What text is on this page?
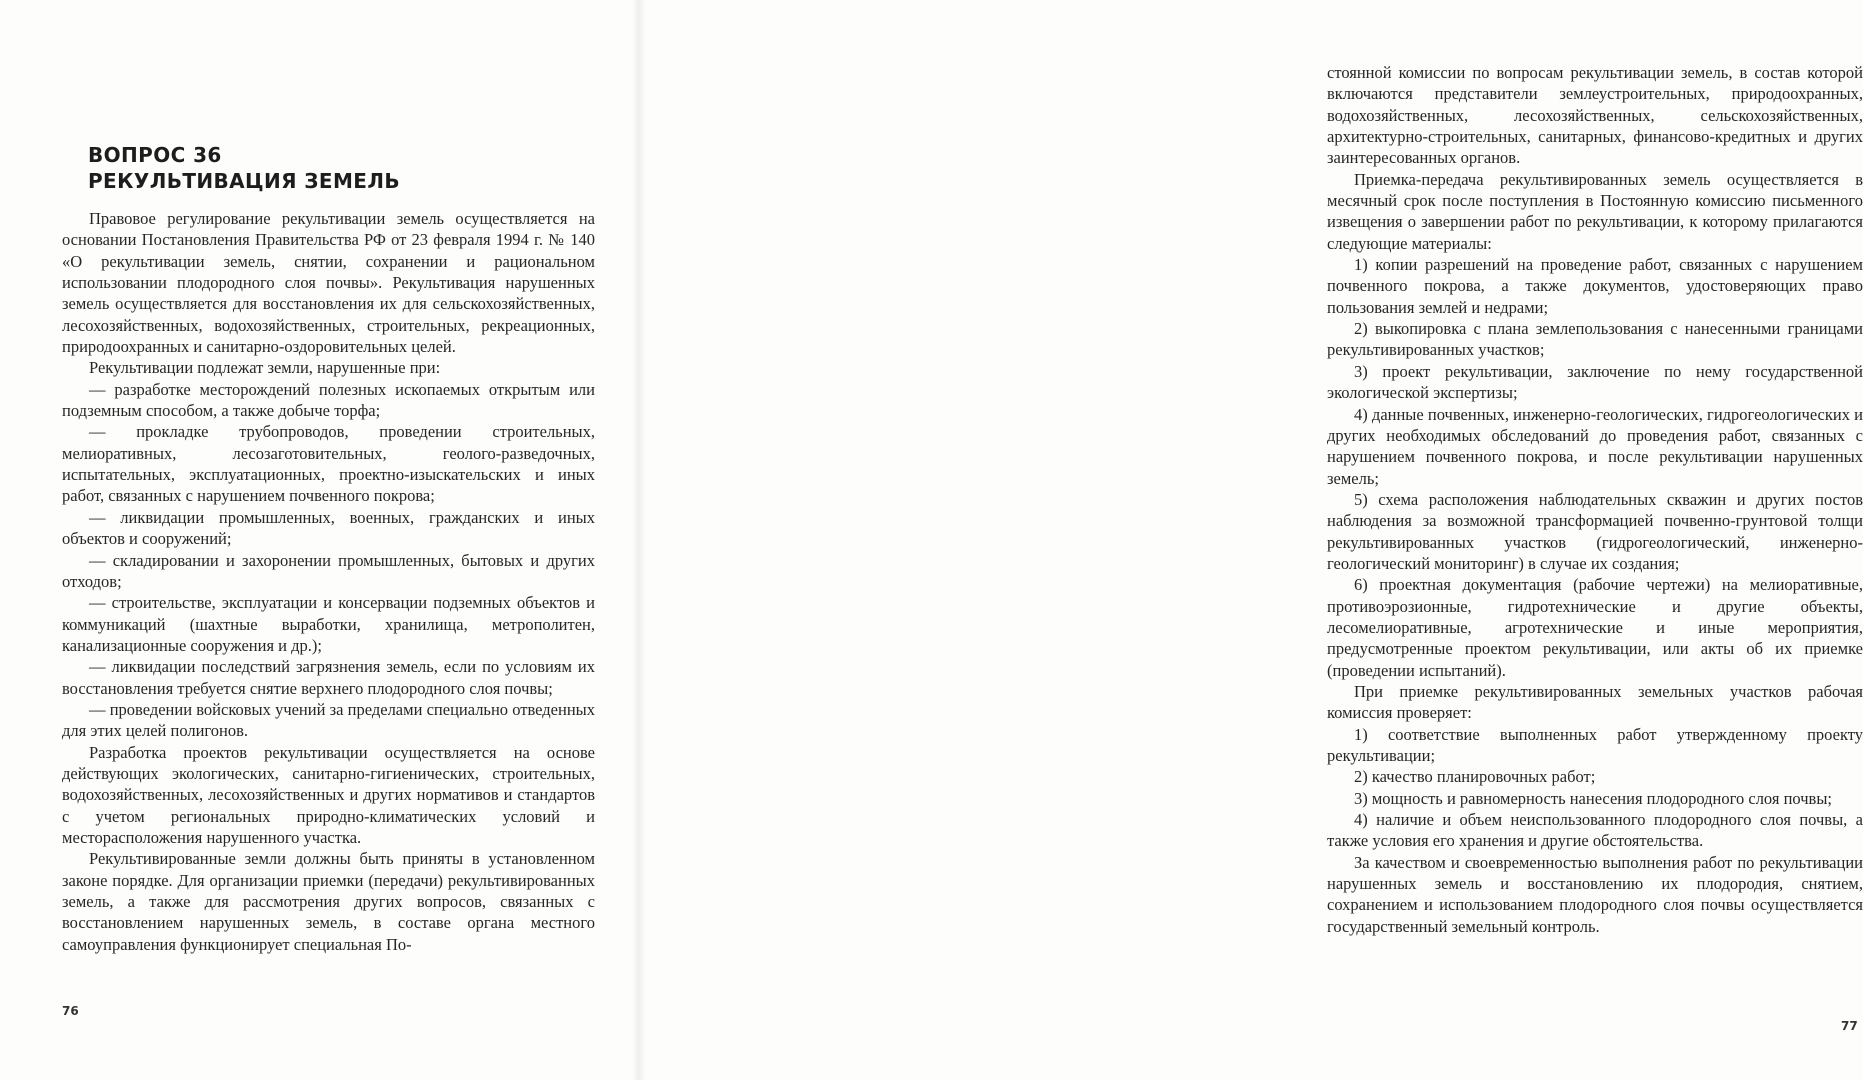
ВОПРОС 36
РЕКУЛЬТИВАЦИЯ ЗЕМЕЛЬ

Правовое регулирование рекультивации земель осуществляется на основании Постановления Правительства РФ от 23 февраля 1994 г. № 140 «О рекультивации земель, снятии, сохранении и рациональном использовании плодородного слоя почвы». Рекультивация нарушенных земель осуществляется для восстановления их для сельскохозяйственных, лесохозяйственных, водохозяйственных, строительных, рекреационных, природоохранных и санитарно-оздоровительных целей.

Рекультивации подлежат земли, нарушенные при:

— разработке месторождений полезных ископаемых открытым или подземным способом, а также добыче торфа;

— прокладке трубопроводов, проведении строительных, мелиоративных, лесозаготовительных, геолого-разведочных, испытательных, эксплуатационных, проектно-изыскательских и иных работ, связанных с нарушением почвенного покрова;

— ликвидации промышленных, военных, гражданских и иных объектов и сооружений;

— складировании и захоронении промышленных, бытовых и других отходов;

— строительстве, эксплуатации и консервации подземных объектов и коммуникаций (шахтные выработки, хранилища, метрополитен, канализационные сооружения и др.);

— ликвидации последствий загрязнения земель, если по условиям их восстановления требуется снятие верхнего плодородного слоя почвы;

— проведении войсковых учений за пределами специально отведенных для этих целей полигонов.

Разработка проектов рекультивации осуществляется на основе действующих экологических, санитарно-гигиенических, строительных, водохозяйственных, лесохозяйственных и других нормативов и стандартов с учетом региональных природно-климатических условий и месторасположения нарушенного участка.

Рекультивированные земли должны быть приняты в установленном законе порядке. Для организации приемки (передачи) рекультивированных земель, а также для рассмотрения других вопросов, связанных с восстановлением нарушенных земель, в составе органа местного самоуправления функционирует специальная По-

76

стоянной комиссии по вопросам рекультивации земель, в состав которой включаются представители землеустроительных, природоохранных, водохозяйственных, лесохозяйственных, сельскохозяйственных, архитектурно-строительных, санитарных, финансово-кредитных и других заинтересованных органов.

Приемка-передача рекультивированных земель осуществляется в месячный срок после поступления в Постоянную комиссию письменного извещения о завершении работ по рекультивации, к которому прилагаются следующие материалы:

1) копии разрешений на проведение работ, связанных с нарушением почвенного покрова, а также документов, удостоверяющих право пользования землей и недрами;

2) выкопировка с плана землепользования с нанесенными границами рекультивированных участков;

3) проект рекультивации, заключение по нему государственной экологической экспертизы;

4) данные почвенных, инженерно-геологических, гидрогеологических и других необходимых обследований до проведения работ, связанных с нарушением почвенного покрова, и после рекультивации нарушенных земель;

5) схема расположения наблюдательных скважин и других постов наблюдения за возможной трансформацией почвенно-грунтовой толщи рекультивированных участков (гидрогеологический, инженерно-геологический мониторинг) в случае их создания;

6) проектная документация (рабочие чертежи) на мелиоративные, противоэрозионные, гидротехнические и другие объекты, лесомелиоративные, агротехнические и иные мероприятия, предусмотренные проектом рекультивации, или акты об их приемке (проведении испытаний).

При приемке рекультивированных земельных участков рабочая комиссия проверяет:

1) соответствие выполненных работ утвержденному проекту рекультивации;

2) качество планировочных работ;

3) мощность и равномерность нанесения плодородного слоя почвы;

4) наличие и объем неиспользованного плодородного слоя почвы, а также условия его хранения и другие обстоятельства.

За качеством и своевременностью выполнения работ по рекультивации нарушенных земель и восстановлению их плодородия, снятием, сохранением и использованием плодородного слоя почвы осуществляется государственный земельный контроль.

77
